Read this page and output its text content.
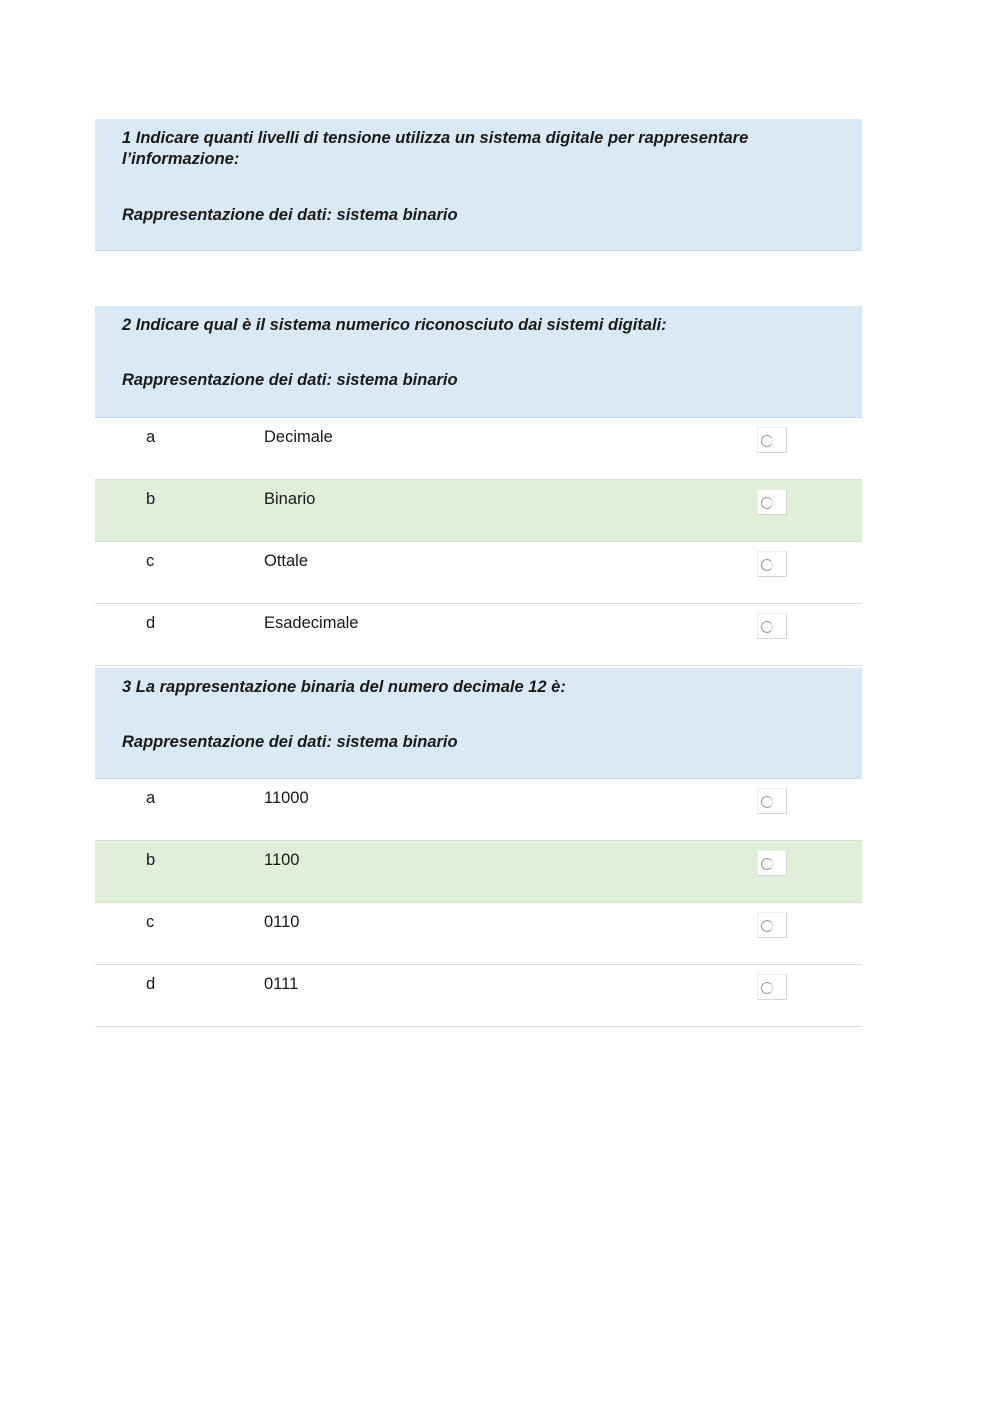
1 Indicare quanti livelli di tensione utilizza un sistema digitale per rappresentare l’informazione:

Rappresentazione dei dati: sistema binario

2 Indicare qual è il sistema numerico riconosciuto dai sistemi digitali:

Rappresentazione dei dati: sistema binario

a	Decimale
b	Binario
c	Ottale
d	Esadecimale

3 La rappresentazione binaria del numero decimale 12 è:

Rappresentazione dei dati: sistema binario

a	11000
b	1100
c	0110
d	0111
